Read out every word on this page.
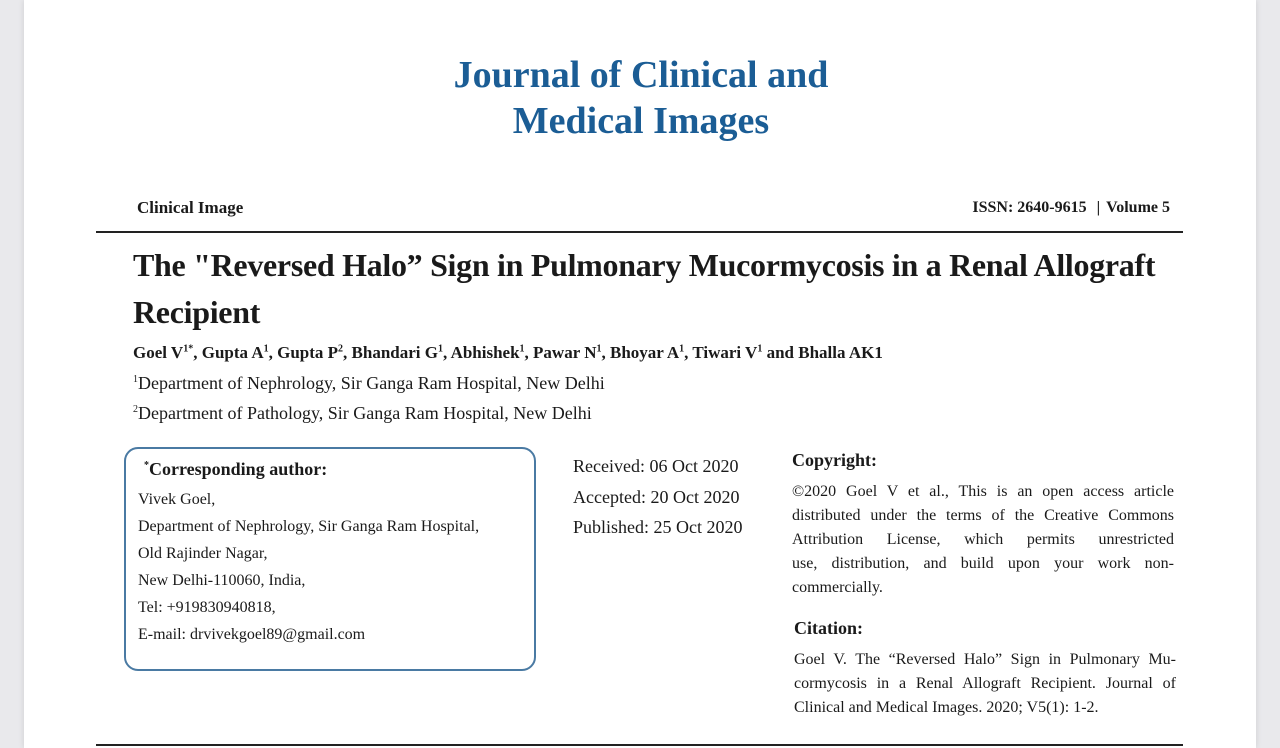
Journal of Clinical and
Medical Images
Clinical Image	ISSN: 2640-9615 | Volume 5
The "Reversed Halo” Sign in Pulmonary Mucormycosis in a Renal Allograft
Recipient
Goel $V^{1*}$, Gupta $A^1$, Gupta $P^2$, Bhandari $G^1$, Abhishek$^1$, Pawar $N^1$, Bhoyar $A^1$, Tiwari $V^1$ and Bhalla AK1
$^1$Department of Nephrology, Sir Ganga Ram Hospital, New Delhi
$^2$Department of Pathology, Sir Ganga Ram Hospital, New Delhi
*Corresponding author:
Vivek Goel,
Department of Nephrology, Sir Ganga Ram Hospital,
Old Rajinder Nagar,
New Delhi-110060, India,
Tel: +919830940818,
E-mail: drvivekgoel89@gmail.com
Received: 06 Oct 2020
Accepted: 20 Oct 2020
Published: 25 Oct 2020
Copyright:
©2020 Goel V et al., This is an open access article
distributed under the terms of the Creative Commons
Attribution License, which permits unrestricted
use, distribution, and build upon your work non-
commercially.
Citation:
Goel V. The “Reversed Halo” Sign in Pulmonary Mu-
cormycosis in a Renal Allograft Recipient. Journal of
Clinical and Medical Images. 2020; V5(1): 1-2.
